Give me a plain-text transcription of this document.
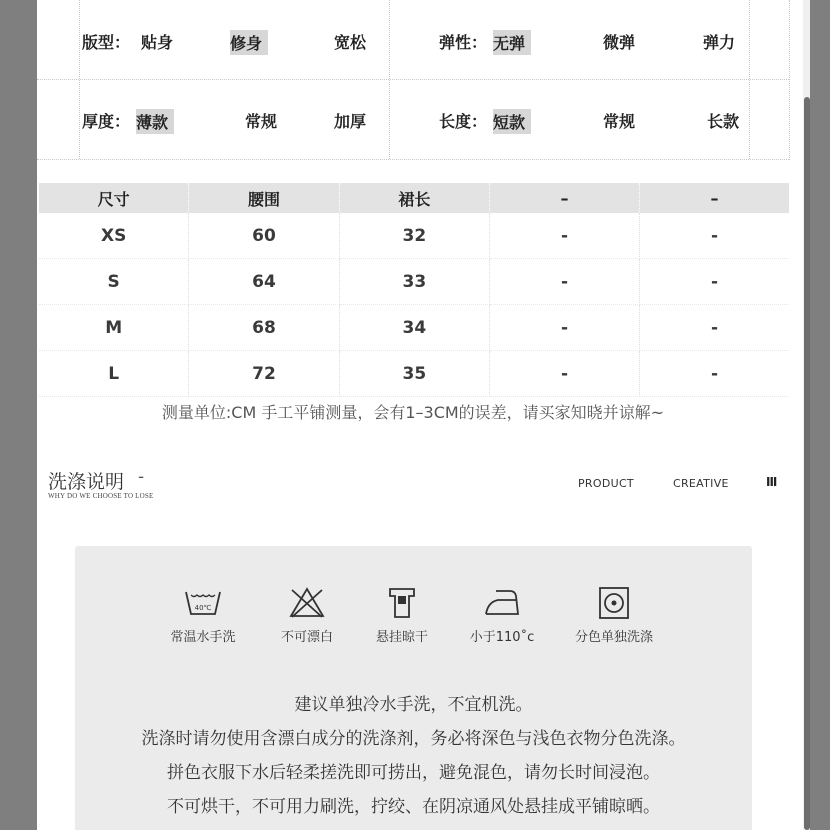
版型： 贴身	修身	宽松	弹性： 无弹	微弹	弹力
厚度： 薄款	常规	加厚	长度： 短款	常规	长款
尺寸	腰围	裙长	–	–
XS	60	32	-	-
S	64	33	-	-
M	68	34	-	-
L	72	35	-	-
测量单位:CM 手工平铺测量，会有1–3CM的误差，请买家知晓并谅解~
洗涤说明 -
WHY DO WE CHOOSE TO LOSE
PRODUCT	CREATIVE	III
40℃
常温水手洗	不可漂白	悬挂晾干	小于110˚c	分色单独洗涤
建议单独冷水手洗，不宜机洗。
洗涤时请勿使用含漂白成分的洗涤剂，务必将深色与浅色衣物分色洗涤。
拼色衣服下水后轻柔搓洗即可捞出，避免混色，请勿长时间浸泡。
不可烘干，不可用力刷洗，拧绞、在阴凉通风处悬挂成平铺晾晒。
